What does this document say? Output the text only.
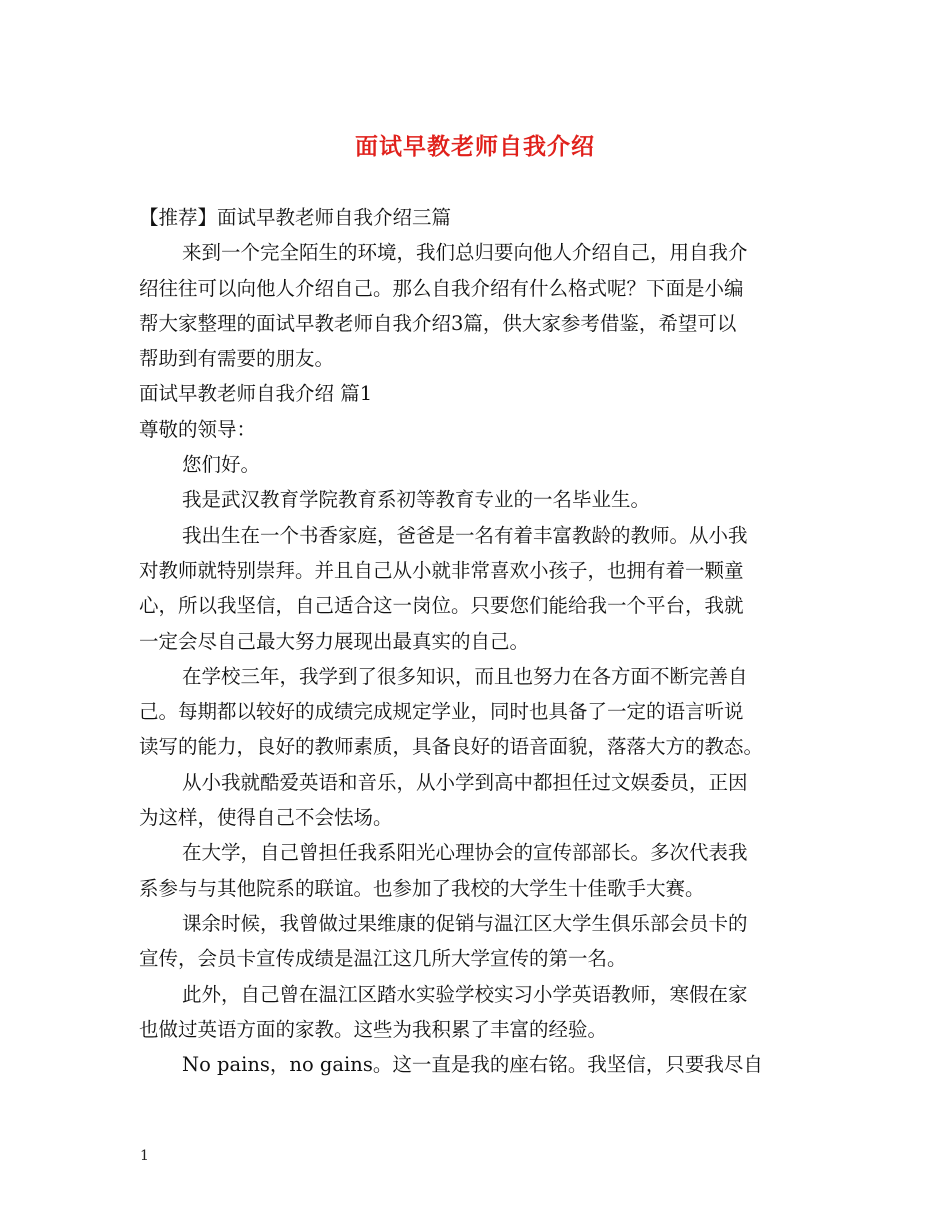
面试早教老师自我介绍
【推荐】面试早教老师自我介绍三篇
来到一个完全陌生的环境，我们总归要向他人介绍自己，用自我介
绍往往可以向他人介绍自己。那么自我介绍有什么格式呢？下面是小编
帮大家整理的面试早教老师自我介绍3篇，供大家参考借鉴，希望可以
帮助到有需要的朋友。
面试早教老师自我介绍 篇1
尊敬的领导：
您们好。
我是武汉教育学院教育系初等教育专业的一名毕业生。
我出生在一个书香家庭，爸爸是一名有着丰富教龄的教师。从小我
对教师就特别崇拜。并且自己从小就非常喜欢小孩子，也拥有着一颗童
心，所以我坚信，自己适合这一岗位。只要您们能给我一个平台，我就
一定会尽自己最大努力展现出最真实的自己。
在学校三年，我学到了很多知识，而且也努力在各方面不断完善自
己。每期都以较好的成绩完成规定学业，同时也具备了一定的语言听说
读写的能力，良好的教师素质，具备良好的语音面貌，落落大方的教态。
从小我就酷爱英语和音乐，从小学到高中都担任过文娱委员，正因
为这样，使得自己不会怯场。
在大学，自己曾担任我系阳光心理协会的宣传部部长。多次代表我
系参与与其他院系的联谊。也参加了我校的大学生十佳歌手大赛。
课余时候，我曾做过果维康的促销与温江区大学生俱乐部会员卡的
宣传，会员卡宣传成绩是温江这几所大学宣传的第一名。
此外，自己曾在温江区踏水实验学校实习小学英语教师，寒假在家
也做过英语方面的家教。这些为我积累了丰富的经验。
No pains，no gains。这一直是我的座右铭。我坚信，只要我尽自
1
